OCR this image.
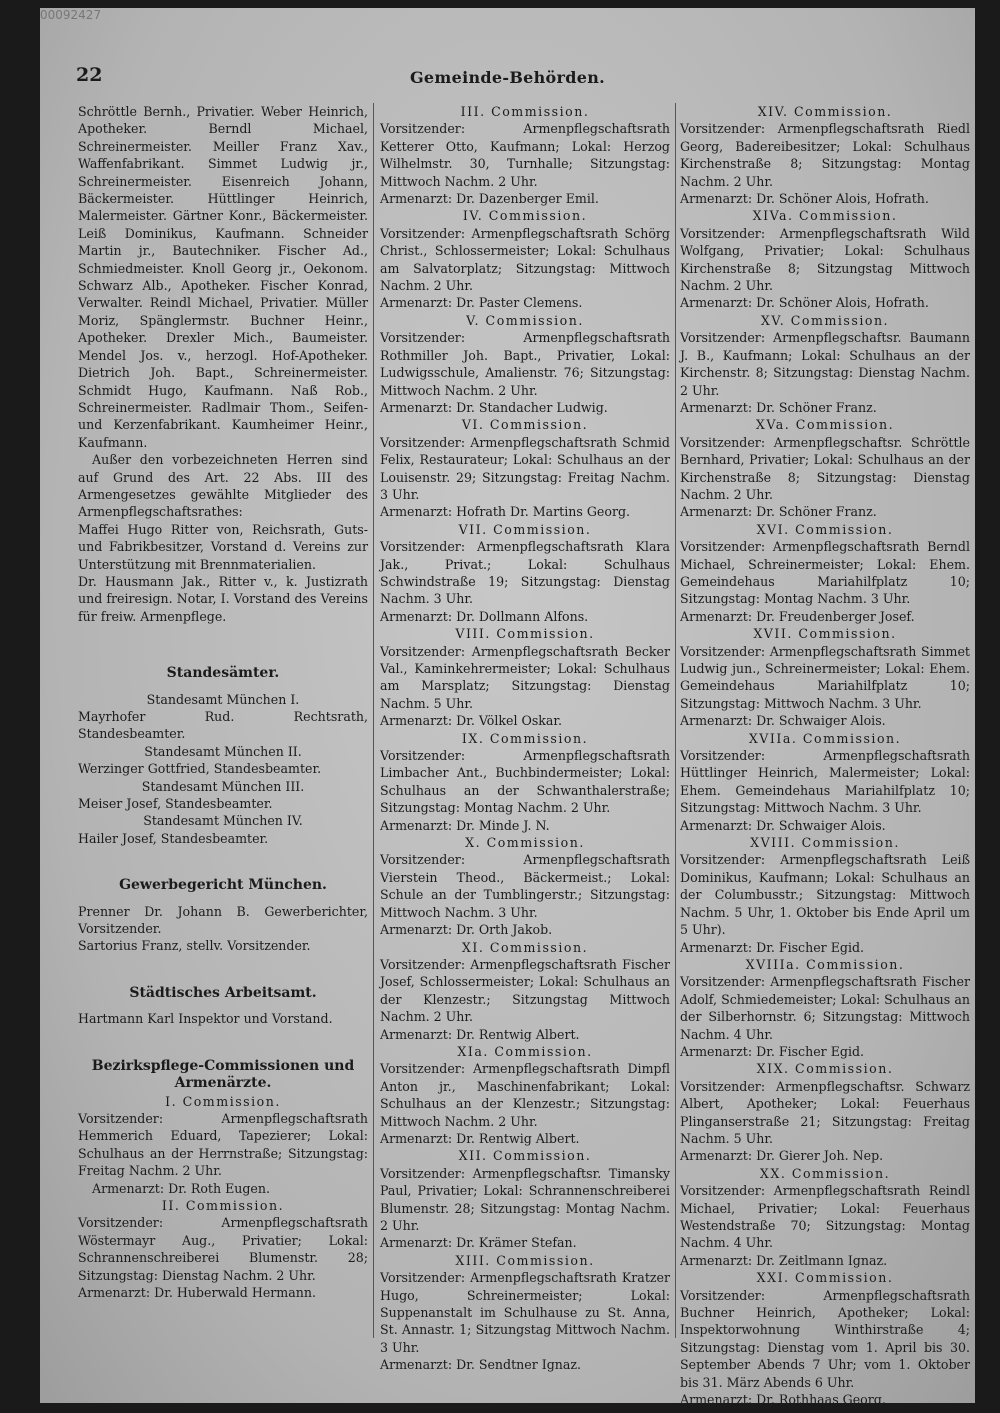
00092427
22	Gemeinde-Behörden.

Schröttle Bernh., Privatier. Weber Heinrich, Apotheker. Berndl Michael, Schreinermeister. Meiller Franz Xav., Waffenfabrikant. Simmet Ludwig jr., Schreinermeister. Eisenreich Johann, Bäckermeister. Hüttlinger Heinrich, Malermeister. Gärtner Konr., Bäckermeister. Leiß Dominikus, Kaufmann. Schneider Martin jr., Bautechniker. Fischer Ad., Schmiedmeister. Knoll Georg jr., Oekonom. Schwarz Alb., Apotheker. Fischer Konrad, Verwalter. Reindl Michael, Privatier. Müller Moriz, Spänglermstr. Buchner Heinr., Apotheker. Drexler Mich., Baumeister. Mendel Jos. v., herzogl. Hof-Apotheker. Dietrich Joh. Bapt., Schreinermeister. Schmidt Hugo, Kaufmann. Naß Rob., Schreinermeister. Radlmair Thom., Seifen- und Kerzenfabrikant. Kaumheimer Heinr., Kaufmann.

Außer den vorbezeichneten Herren sind auf Grund des Art. 22 Abs. III des Armengesetzes gewählte Mitglieder des Armenpflegschaftsrathes:

Maffei Hugo Ritter von, Reichsrath, Guts- und Fabrikbesitzer, Vorstand d. Vereins zur Unterstützung mit Brennmaterialien.

Dr. Hausmann Jak., Ritter v., k. Justizrath und freiresign. Notar, I. Vorstand des Vereins für freiw. Armenpflege.

Standesämter.

Standesamt München I.

Mayrhofer Rud. Rechtsrath, Standesbeamter.

Standesamt München II.

Werzinger Gottfried, Standesbeamter.

Standesamt München III.

Meiser Josef, Standesbeamter.

Standesamt München IV.

Hailer Josef, Standesbeamter.

Gewerbegericht München.

Prenner Dr. Johann B. Gewerberichter, Vorsitzender.

Sartorius Franz, stellv. Vorsitzender.

Städtisches Arbeitsamt.

Hartmann Karl Inspektor und Vorstand.

Bezirkspflege-Commissionen und

Armenärzte.

I. Commission.

Vorsitzender: Armenpflegschaftsrath Hemmerich Eduard, Tapezierer; Lokal: Schulhaus an der Herrnstraße; Sitzungstag: Freitag Nachm. 2 Uhr.

Armenarzt: Dr. Roth Eugen.

II. Commission.

Vorsitzender: Armenpflegschaftsrath Wöstermayr Aug., Privatier; Lokal: Schrannenschreiberei Blumenstr. 28; Sitzungstag: Dienstag Nachm. 2 Uhr.

Armenarzt: Dr. Huberwald Hermann.

III. Commission.

Vorsitzender: Armenpflegschaftsrath Ketterer Otto, Kaufmann; Lokal: Herzog Wilhelmstr. 30, Turnhalle; Sitzungstag: Mittwoch Nachm. 2 Uhr.

Armenarzt: Dr. Dazenberger Emil.

IV. Commission.

Vorsitzender: Armenpflegschaftsrath Schörg Christ., Schlossermeister; Lokal: Schulhaus am Salvatorplatz; Sitzungstag: Mittwoch Nachm. 2 Uhr.

Armenarzt: Dr. Paster Clemens.

V. Commission.

Vorsitzender: Armenpflegschaftsrath Rothmiller Joh. Bapt., Privatier, Lokal: Ludwigsschule, Amalienstr. 76; Sitzungstag: Mittwoch Nachm. 2 Uhr.

Armenarzt: Dr. Standacher Ludwig.

VI. Commission.

Vorsitzender: Armenpflegschaftsrath Schmid Felix, Restaurateur; Lokal: Schulhaus an der Louisenstr. 29; Sitzungstag: Freitag Nachm. 3 Uhr.

Armenarzt: Hofrath Dr. Martins Georg.

VII. Commission.

Vorsitzender: Armenpflegschaftsrath Klara Jak., Privat.; Lokal: Schulhaus Schwindstraße 19; Sitzungstag: Dienstag Nachm. 3 Uhr.

Armenarzt: Dr. Dollmann Alfons.

VIII. Commission.

Vorsitzender: Armenpflegschaftsrath Becker Val., Kaminkehrermeister; Lokal: Schulhaus am Marsplatz; Sitzungstag: Dienstag Nachm. 5 Uhr.

Armenarzt: Dr. Völkel Oskar.

IX. Commission.

Vorsitzender: Armenpflegschaftsrath Limbacher Ant., Buchbindermeister; Lokal: Schulhaus an der Schwanthalerstraße; Sitzungstag: Montag Nachm. 2 Uhr.

Armenarzt: Dr. Minde J. N.

X. Commission.

Vorsitzender: Armenpflegschaftsrath Vierstein Theod., Bäckermeist.; Lokal: Schule an der Tumblingerstr.; Sitzungstag: Mittwoch Nachm. 3 Uhr.

Armenarzt: Dr. Orth Jakob.

XI. Commission.

Vorsitzender: Armenpflegschaftsrath Fischer Josef, Schlossermeister; Lokal: Schulhaus an der Klenzestr.; Sitzungstag Mittwoch Nachm. 2 Uhr.

Armenarzt: Dr. Rentwig Albert.

XIa. Commission.

Vorsitzender: Armenpflegschaftsrath Dimpfl Anton jr., Maschinenfabrikant; Lokal: Schulhaus an der Klenzestr.; Sitzungstag: Mittwoch Nachm. 2 Uhr.

Armenarzt: Dr. Rentwig Albert.

XII. Commission.

Vorsitzender: Armenpflegschaftsr. Timansky Paul, Privatier; Lokal: Schrannenschreiberei Blumenstr. 28; Sitzungstag: Montag Nachm. 2 Uhr.

Armenarzt: Dr. Krämer Stefan.

XIII. Commission.

Vorsitzender: Armenpflegschaftsrath Kratzer Hugo, Schreinermeister; Lokal: Suppenanstalt im Schulhause zu St. Anna, St. Annastr. 1; Sitzungstag Mittwoch Nachm. 3 Uhr.

Armenarzt: Dr. Sendtner Ignaz.

XIV. Commission.

Vorsitzender: Armenpflegschaftsrath Riedl Georg, Badereibesitzer; Lokal: Schulhaus Kirchenstraße 8; Sitzungstag: Montag Nachm. 2 Uhr.

Armenarzt: Dr. Schöner Alois, Hofrath.

XIVa. Commission.

Vorsitzender: Armenpflegschaftsrath Wild Wolfgang, Privatier; Lokal: Schulhaus Kirchenstraße 8; Sitzungstag Mittwoch Nachm. 2 Uhr.

Armenarzt: Dr. Schöner Alois, Hofrath.

XV. Commission.

Vorsitzender: Armenpflegschaftsr. Baumann J. B., Kaufmann; Lokal: Schulhaus an der Kirchenstr. 8; Sitzungstag: Dienstag Nachm. 2 Uhr.

Armenarzt: Dr. Schöner Franz.

XVa. Commission.

Vorsitzender: Armenpflegschaftsr. Schröttle Bernhard, Privatier; Lokal: Schulhaus an der Kirchenstraße 8; Sitzungstag: Dienstag Nachm. 2 Uhr.

Armenarzt: Dr. Schöner Franz.

XVI. Commission.

Vorsitzender: Armenpflegschaftsrath Berndl Michael, Schreinermeister; Lokal: Ehem. Gemeindehaus Mariahilfplatz 10; Sitzungstag: Montag Nachm. 3 Uhr.

Armenarzt: Dr. Freudenberger Josef.

XVII. Commission.

Vorsitzender: Armenpflegschaftsrath Simmet Ludwig jun., Schreinermeister; Lokal: Ehem. Gemeindehaus Mariahilfplatz 10; Sitzungstag: Mittwoch Nachm. 3 Uhr.

Armenarzt: Dr. Schwaiger Alois.

XVIIa. Commission.

Vorsitzender: Armenpflegschaftsrath Hüttlinger Heinrich, Malermeister; Lokal: Ehem. Gemeindehaus Mariahilfplatz 10; Sitzungstag: Mittwoch Nachm. 3 Uhr.

Armenarzt: Dr. Schwaiger Alois.

XVIII. Commission.

Vorsitzender: Armenpflegschaftsrath Leiß Dominikus, Kaufmann; Lokal: Schulhaus an der Columbusstr.; Sitzungstag: Mittwoch Nachm. 5 Uhr, 1. Oktober bis Ende April um 5 Uhr).

Armenarzt: Dr. Fischer Egid.

XVIIIa. Commission.

Vorsitzender: Armenpflegschaftsrath Fischer Adolf, Schmiedemeister; Lokal: Schulhaus an der Silberhornstr. 6; Sitzungstag: Mittwoch Nachm. 4 Uhr.

Armenarzt: Dr. Fischer Egid.

XIX. Commission.

Vorsitzender: Armenpflegschaftsr. Schwarz Albert, Apotheker; Lokal: Feuerhaus Plinganserstraße 21; Sitzungstag: Freitag Nachm. 5 Uhr.

Armenarzt: Dr. Gierer Joh. Nep.

XX. Commission.

Vorsitzender: Armenpflegschaftsrath Reindl Michael, Privatier; Lokal: Feuerhaus Westendstraße 70; Sitzungstag: Montag Nachm. 4 Uhr.

Armenarzt: Dr. Zeitlmann Ignaz.

XXI. Commission.

Vorsitzender: Armenpflegschaftsrath Buchner Heinrich, Apotheker; Lokal: Inspektorwohnung Winthirstraße 4; Sitzungstag: Dienstag vom 1. April bis 30. September Abends 7 Uhr; vom 1. Oktober bis 31. März Abends 6 Uhr.

Armenarzt: Dr. Rothhaas Georg.
